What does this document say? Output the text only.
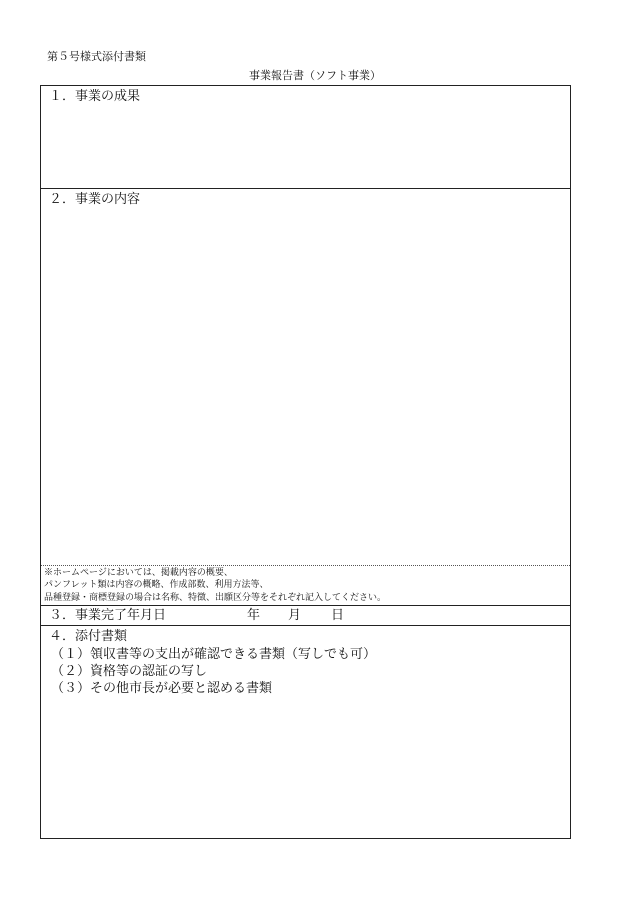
第５号様式添付書類
事業報告書（ソフト事業）
１．事業の成果
２．事業の内容
※ホームページにおいては、掲載内容の概要、
パンフレット類は内容の概略、作成部数、利用方法等、
品種登録・商標登録の場合は名称、特徴、出願区分等をそれぞれ記入してください。
３．事業完了年月日	年 月 日
４．添付書類
（１）領収書等の支出が確認できる書類（写しでも可）
（２）資格等の認証の写し
（３）その他市長が必要と認める書類
